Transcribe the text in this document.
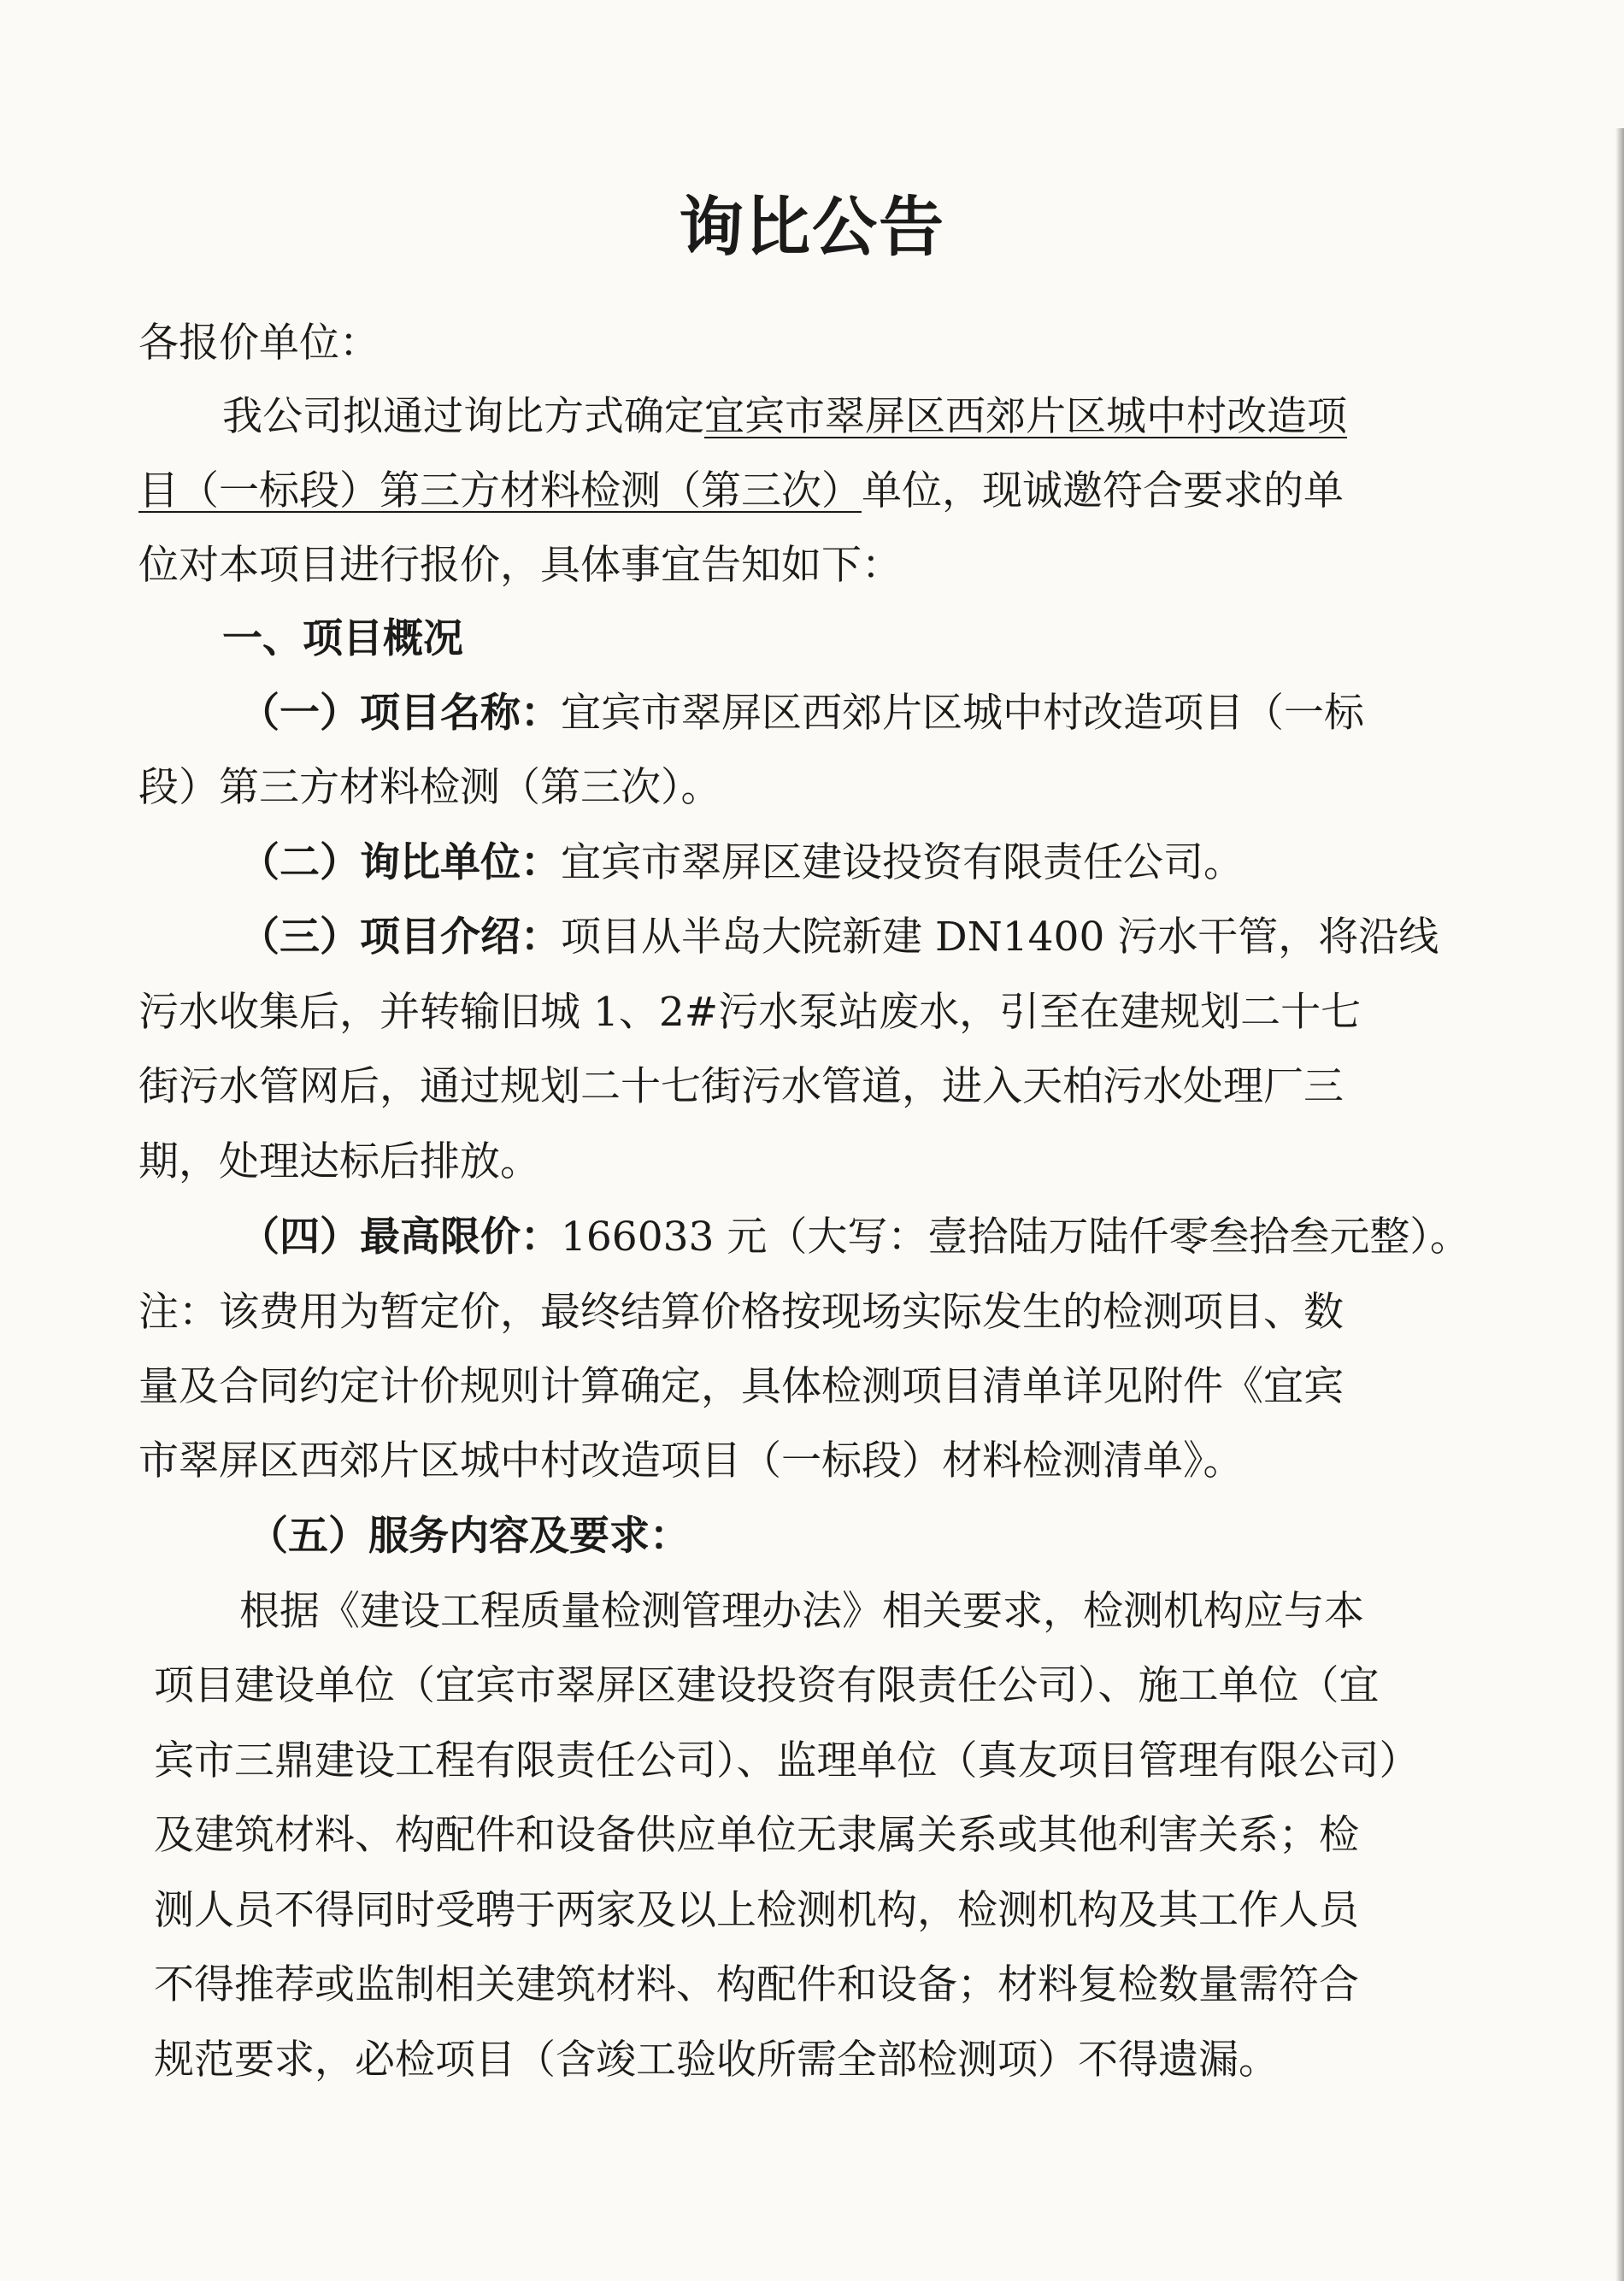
询比公告
各报价单位：
我公司拟通过询比方式确定宜宾市翠屏区西郊片区城中村改造项
目（一标段）第三方材料检测（第三次）单位，现诚邀符合要求的单
位对本项目进行报价，具体事宜告知如下：
一、项目概况
（一）项目名称：宜宾市翠屏区西郊片区城中村改造项目（一标
段）第三方材料检测（第三次）。
（二）询比单位：宜宾市翠屏区建设投资有限责任公司。
（三）项目介绍：项目从半岛大院新建 DN1400 污水干管，将沿线
污水收集后，并转输旧城 1、2#污水泵站废水，引至在建规划二十七
街污水管网后，通过规划二十七街污水管道，进入天柏污水处理厂三
期，处理达标后排放。
（四）最高限价：166033 元（大写：壹拾陆万陆仟零叁拾叁元整）。
注：该费用为暂定价，最终结算价格按现场实际发生的检测项目、数
量及合同约定计价规则计算确定，具体检测项目清单详见附件《宜宾
市翠屏区西郊片区城中村改造项目（一标段）材料检测清单》。
（五）服务内容及要求：
根据《建设工程质量检测管理办法》相关要求，检测机构应与本
项目建设单位（宜宾市翠屏区建设投资有限责任公司）、施工单位（宜
宾市三鼎建设工程有限责任公司）、监理单位（真友项目管理有限公司）
及建筑材料、构配件和设备供应单位无隶属关系或其他利害关系；检
测人员不得同时受聘于两家及以上检测机构，检测机构及其工作人员
不得推荐或监制相关建筑材料、构配件和设备；材料复检数量需符合
规范要求，必检项目（含竣工验收所需全部检测项）不得遗漏。
